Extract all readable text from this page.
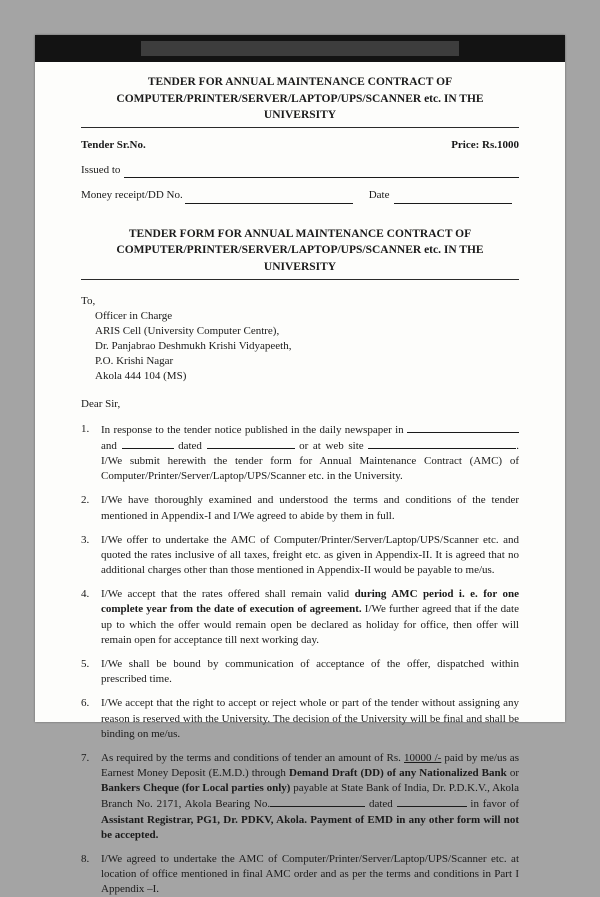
TENDER FOR ANNUAL MAINTENANCE CONTRACT OF
COMPUTER/PRINTER/SERVER/LAPTOP/UPS/SCANNER etc. IN THE UNIVERSITY
Tender Sr.No.	Price: Rs.1000
Issued to
Money receipt/DD No.	Date
TENDER FORM FOR ANNUAL MAINTENANCE CONTRACT OF
COMPUTER/PRINTER/SERVER/LAPTOP/UPS/SCANNER etc. IN THE UNIVERSITY
To,
Officer in Charge
ARIS Cell (University Computer Centre),
Dr. Panjabrao Deshmukh Krishi Vidyapeeth,
P.O. Krishi Nagar
Akola 444 104 (MS)
Dear Sir,
1.	In response to the tender notice published in the daily newspaper in  and	dated	or at web site	. I/We submit herewith the tender form for Annual Maintenance Contract (AMC) of Computer/Printer/Server/Laptop/UPS/Scanner etc. in the University.
2.	I/We have thoroughly examined and understood the terms and conditions of the tender mentioned in Appendix-I and I/We agreed to abide by them in full.
3.	I/We offer to undertake the AMC of Computer/Printer/Server/Laptop/UPS/Scanner etc. and quoted the rates inclusive of all taxes, freight etc. as given in Appendix-II. It is agreed that no additional charges other than those mentioned in Appendix-II would be payable to me/us.
4.	I/We accept that the rates offered shall remain valid during AMC period i. e. for one complete year from the date of execution of agreement. I/We further agreed that if the date up to which the offer would remain open be declared as holiday for office, then offer will remain open for acceptance till next working day.
5.	I/We shall be bound by communication of acceptance of the offer, dispatched within prescribed time.
6.	I/We accept that the right to accept or reject whole or part of the tender without assigning any reason is reserved with the University. The decision of the University will be final and shall be binding on me/us.
7.	As required by the terms and conditions of tender an amount of Rs. 10000 /- paid by me/us as Earnest Money Deposit (E.M.D.) through Demand Draft (DD) of any Nationalized Bank or Bankers Cheque (for Local parties only) payable at State Bank of India, Dr. P.D.K.V., Akola Branch No. 2171, Akola Bearing No.	dated	in favor of Assistant Registrar, PG1, Dr. PDKV, Akola. Payment of EMD in any other form will not be accepted.
8.	I/We agreed to undertake the AMC of Computer/Printer/Server/Laptop/UPS/Scanner etc. at location of office mentioned in final AMC order and as per the terms and conditions in Part I Appendix –I.
